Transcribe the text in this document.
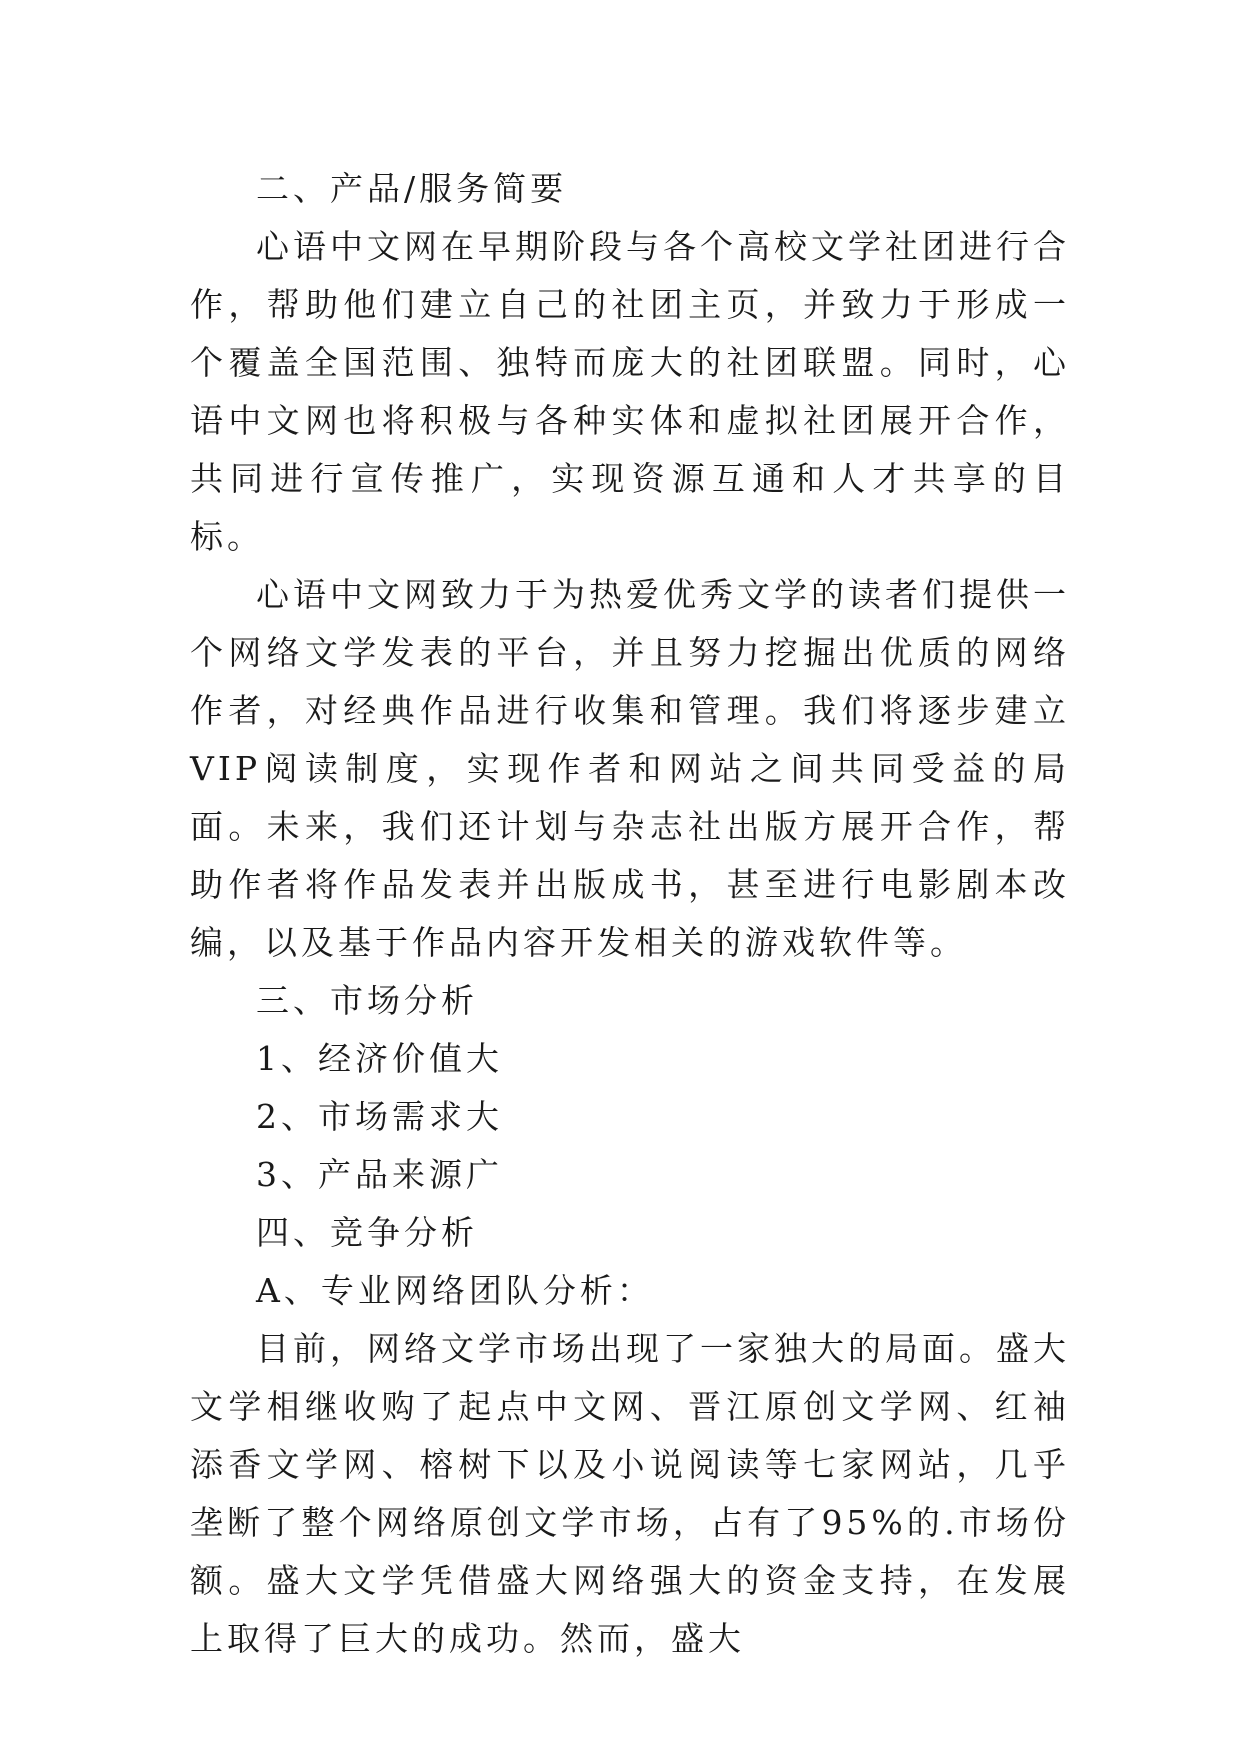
二、产品/服务简要

心语中文网在早期阶段与各个高校文学社团进行合作，帮助他们建立自己的社团主页，并致力于形成一个覆盖全国范围、独特而庞大的社团联盟。同时，心语中文网也将积极与各种实体和虚拟社团展开合作，共同进行宣传推广，实现资源互通和人才共享的目标。

心语中文网致力于为热爱优秀文学的读者们提供一个网络文学发表的平台，并且努力挖掘出优质的网络作者，对经典作品进行收集和管理。我们将逐步建立VIP阅读制度，实现作者和网站之间共同受益的局面。未来，我们还计划与杂志社出版方展开合作，帮助作者将作品发表并出版成书，甚至进行电影剧本改编，以及基于作品内容开发相关的游戏软件等。

三、市场分析

1、经济价值大

2、市场需求大

3、产品来源广

四、竞争分析

A、专业网络团队分析：

目前，网络文学市场出现了一家独大的局面。盛大文学相继收购了起点中文网、晋江原创文学网、红袖添香文学网、榕树下以及小说阅读等七家网站，几乎垄断了整个网络原创文学市场，占有了95%的.市场份额。盛大文学凭借盛大网络强大的资金支持，在发展上取得了巨大的成功。然而，盛大
